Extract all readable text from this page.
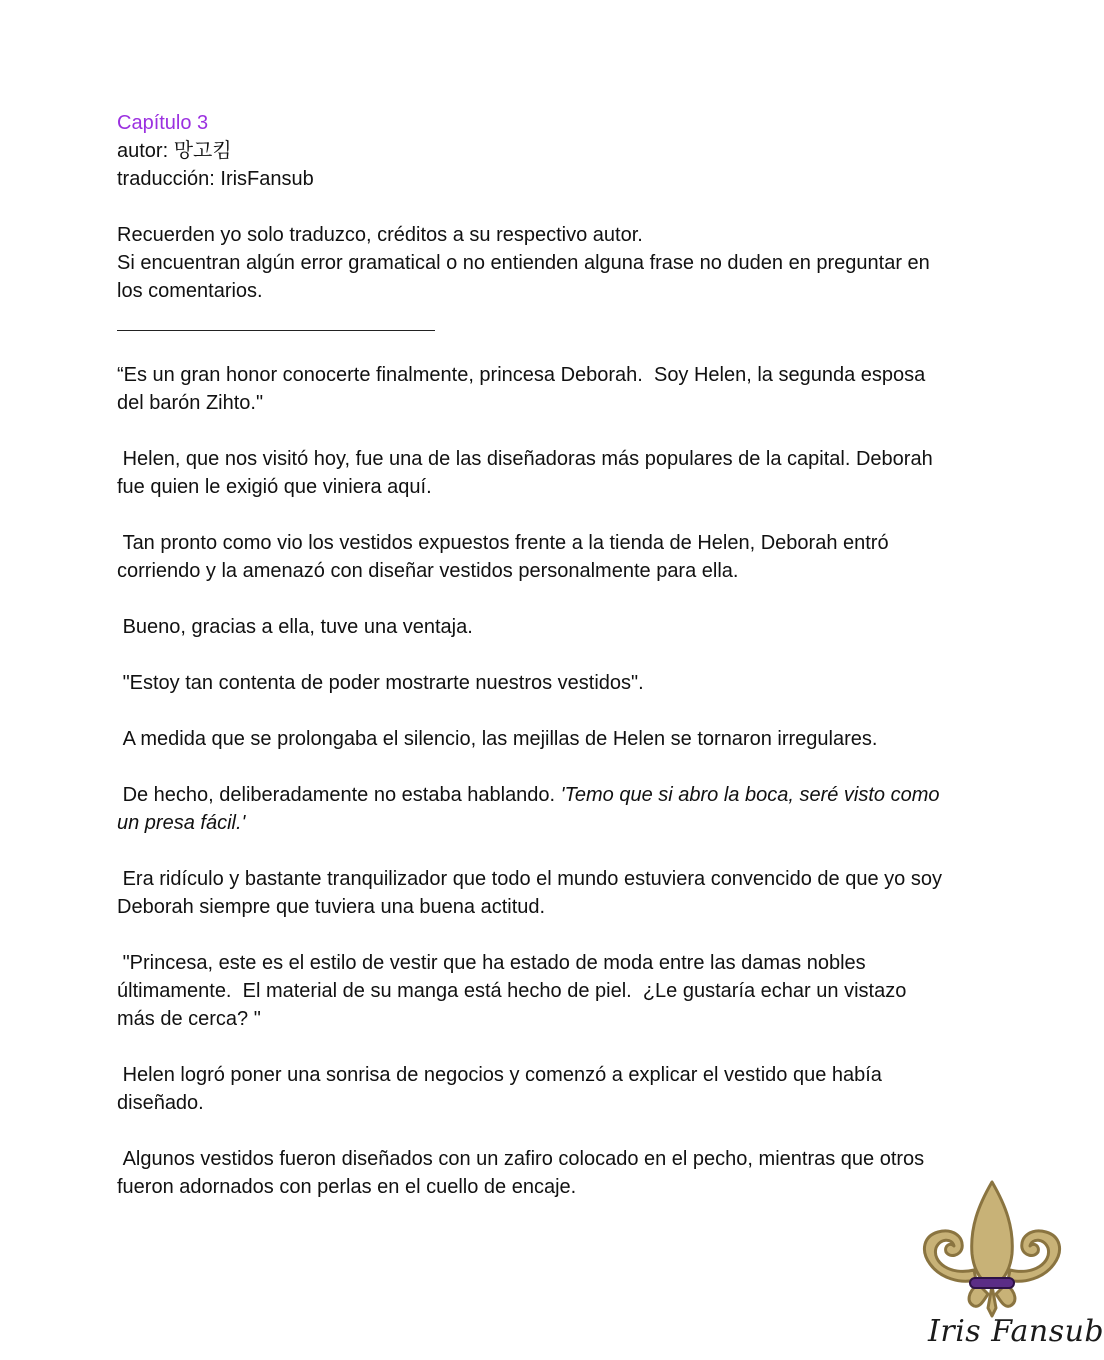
Capítulo 3
autor: 망고킴
traducción: IrisFansub
Recuerden yo solo traduzco, créditos a su respectivo autor.
Si encuentran algún error gramatical o no entienden alguna frase no duden en preguntar en los comentarios.

“Es un gran honor conocerte finalmente, princesa Deborah.  Soy Helen, la segunda esposa del barón Zihto."

Helen, que nos visitó hoy, fue una de las diseñadoras más populares de la capital. Deborah fue quien le exigió que viniera aquí.

Tan pronto como vio los vestidos expuestos frente a la tienda de Helen, Deborah entró corriendo y la amenazó con diseñar vestidos personalmente para ella.

Bueno, gracias a ella, tuve una ventaja.

"Estoy tan contenta de poder mostrarte nuestros vestidos".

A medida que se prolongaba el silencio, las mejillas de Helen se tornaron irregulares.

De hecho, deliberadamente no estaba hablando. 'Temo que si abro la boca, seré visto como un presa fácil.'

Era ridículo y bastante tranquilizador que todo el mundo estuviera convencido de que yo soy Deborah siempre que tuviera una buena actitud.

"Princesa, este es el estilo de vestir que ha estado de moda entre las damas nobles últimamente.  El material de su manga está hecho de piel.  ¿Le gustaría echar un vistazo más de cerca? "

Helen logró poner una sonrisa de negocios y comenzó a explicar el vestido que había diseñado.

Algunos vestidos fueron diseñados con un zafiro colocado en el pecho, mientras que otros fueron adornados con perlas en el cuello de encaje.

Iris Fansub
